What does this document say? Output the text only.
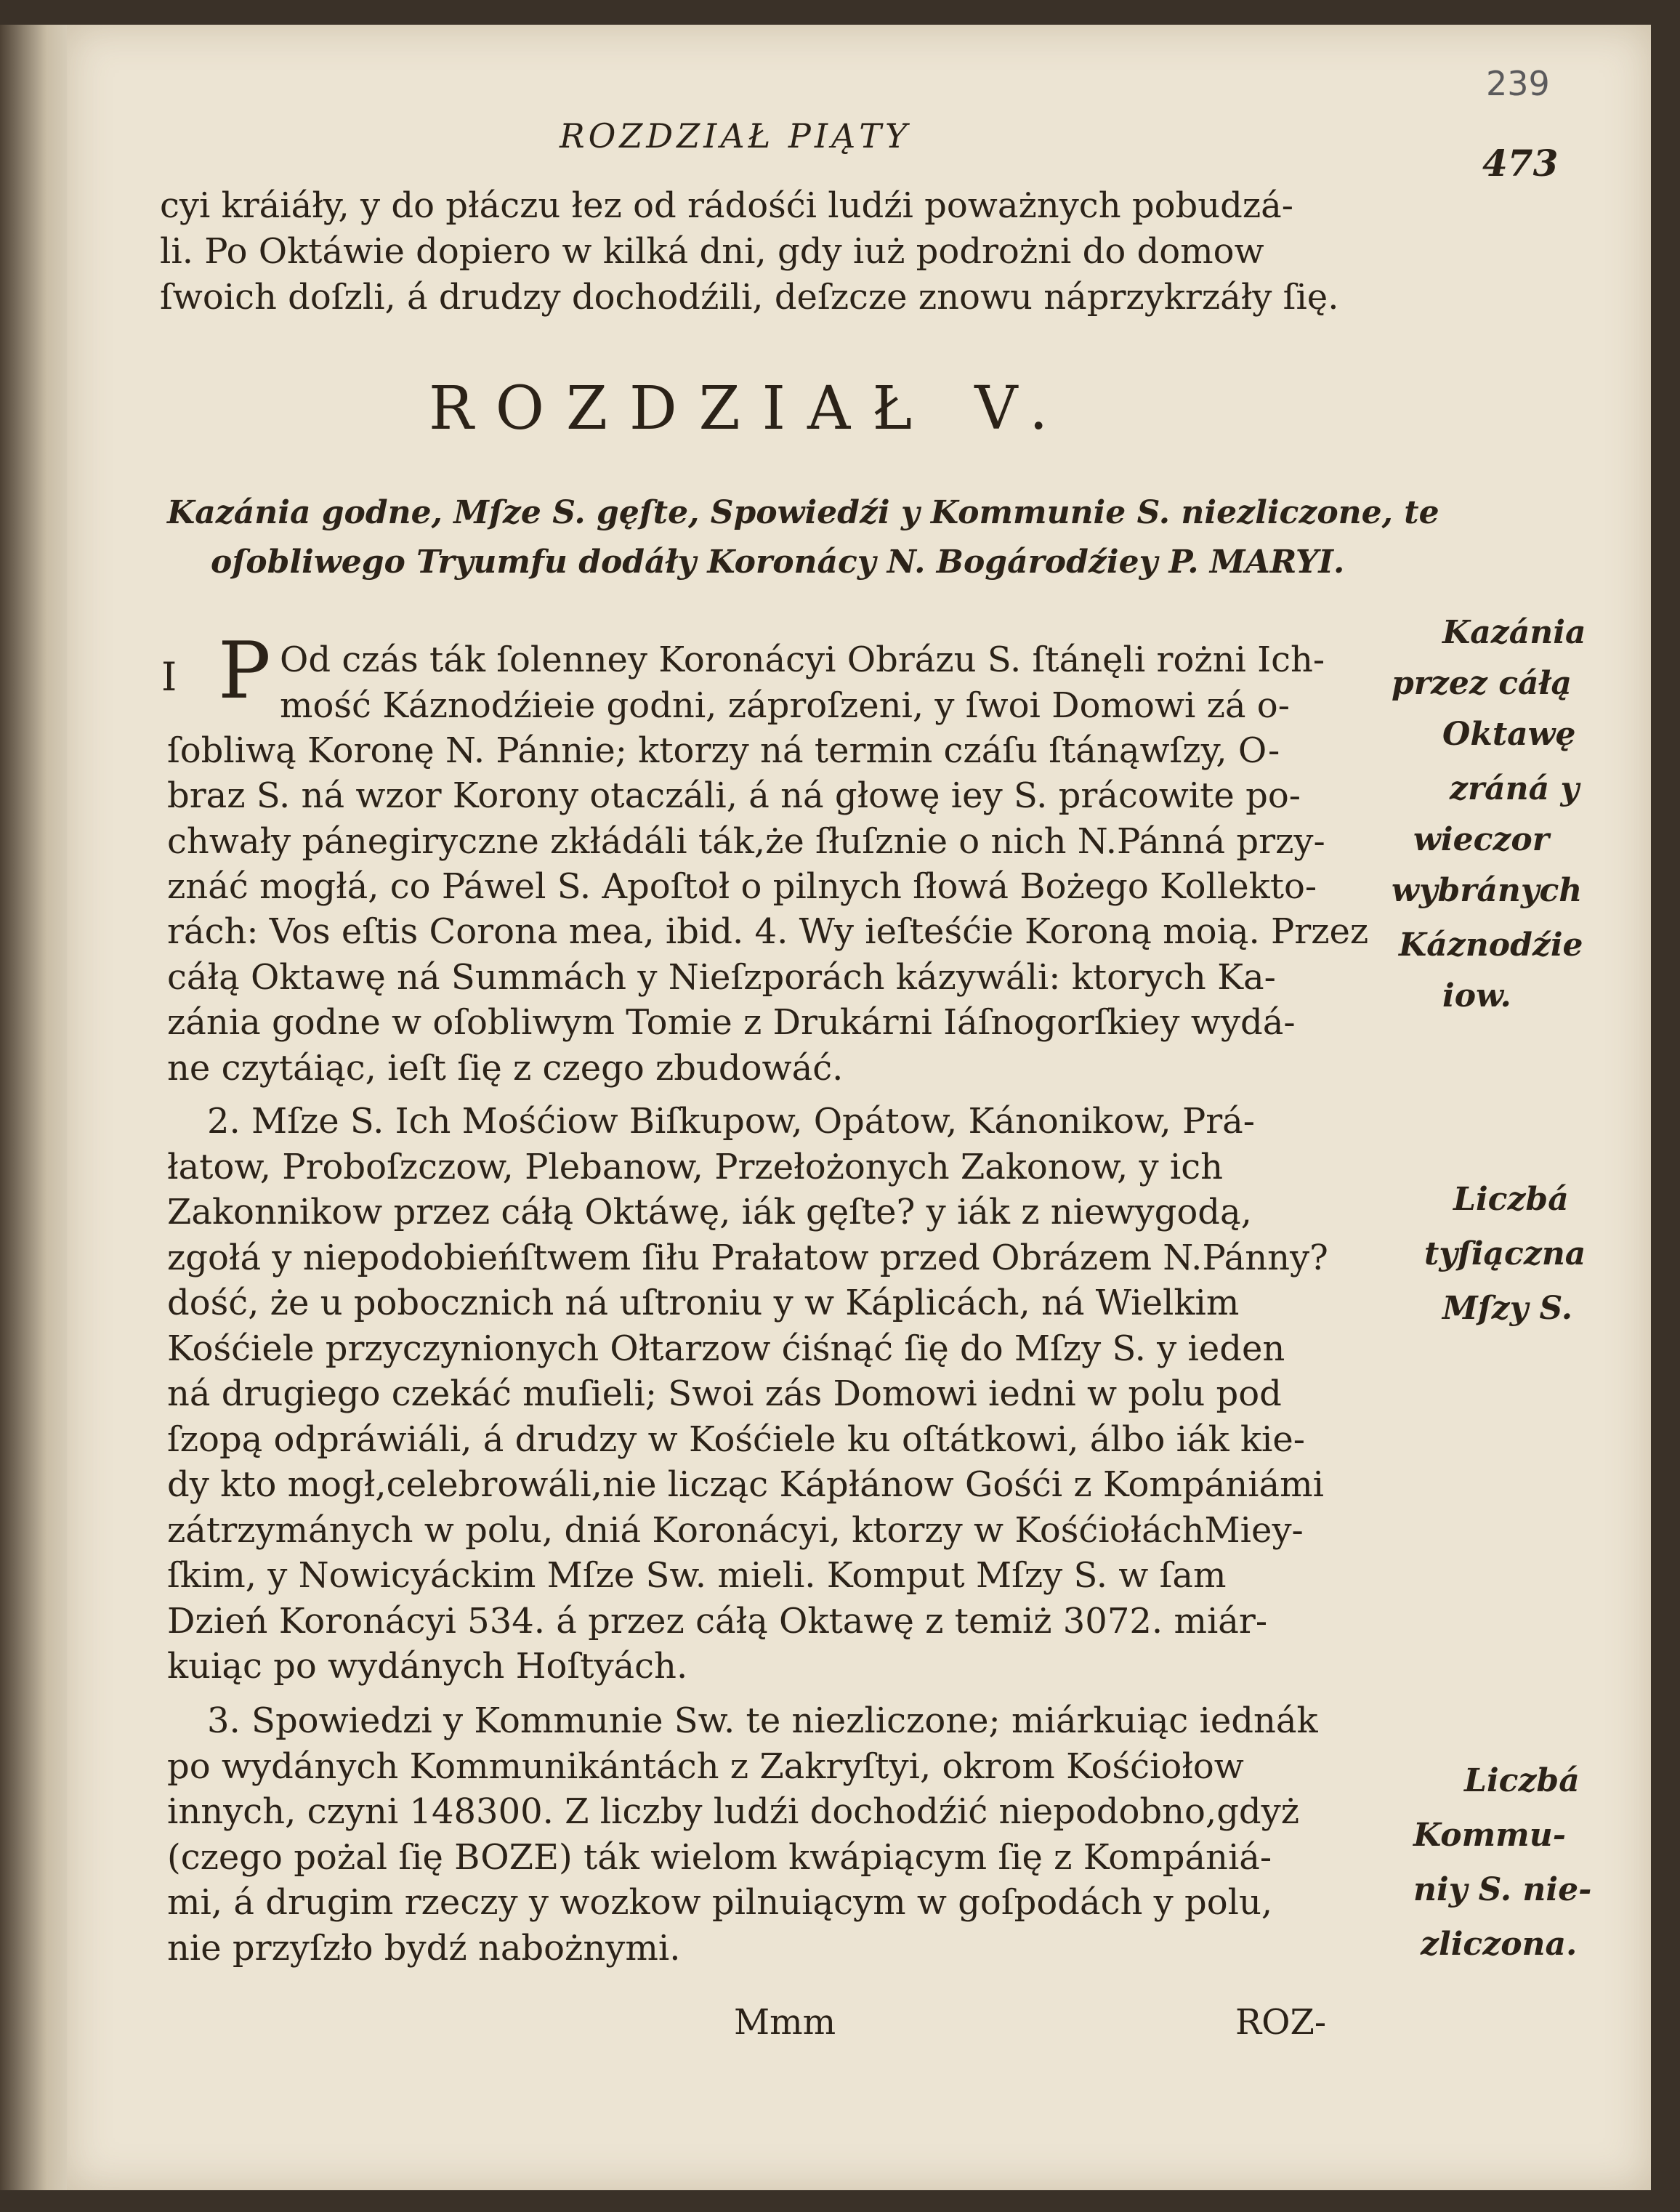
239
ROZDZIAŁ PIĄTY
473
cyi kráiáły, y do płáczu łez od rádośći ludźi poważnych pobudzá-
li. Po Oktáwie dopiero w kilká dni, gdy iuż podrożni do domow
ſwoich doſzli, á drudzy dochodźili, deſzcze znowu náprzykrzáły ſię.
ROZDZIAŁ V.
Kazánia godne, Mſze S. gęſte, Spowiedźi y Kommunie S. niezliczone, te
oſobliwego Tryumfu dodáły Koronácy N. Bogárodźiey P. MARYI.
I P Od czás ták ſolenney Koronácyi Obrázu S. ſtánęli rożni Ich-
mość Káznodźieie godni, záproſzeni, y ſwoi Domowi zá o-
ſobliwą Koronę N. Pánnie; ktorzy ná termin czáſu ſtánąwſzy, O-
braz S. ná wzor Korony otaczáli, á ná głowę iey S. prácowite po-
chwały pánegiryczne zkłádáli ták,że ſłuſznie o nich N.Pánná przy-
znáć mogłá, co Páwel S. Apoſtoł o pilnych ſłowá Bożego Kollekto-
rách: Vos eſtis Corona mea, ibid. 4. Wy ieſteśćie Koroną moią. Przez
cáłą Oktawę ná Summách y Nieſzporách kázywáli: ktorych Ka-
zánia godne w oſobliwym Tomie z Drukárni Iáſnogorſkiey wydá-
ne czytáiąc, ieſt ſię z czego zbudowáć.
2. Mſze S. Ich Mośćiow Biſkupow, Opátow, Kánonikow, Prá-
łatow, Proboſzczow, Plebanow, Przełożonych Zakonow, y ich
Zakonnikow przez cáłą Oktáwę, iák gęſte? y iák z niewygodą,
zgołá y niepodobieńſtwem ſiłu Prałatow przed Obrázem N.Pánny?
dość, że u pobocznich ná uſtroniu y w Káplicách, ná Wielkim
Kośćiele przyczynionych Ołtarzow ćiśnąć ſię do Mſzy S. y ieden
ná drugiego czekáć muſieli; Swoi zás Domowi iedni w polu pod
ſzopą odpráwiáli, á drudzy w Kośćiele ku oſtátkowi, álbo iák kie-
dy kto mogł,celebrowáli,nie licząc Kápłánow Gośći z Kompániámi
zátrzymánych w polu, dniá Koronácyi, ktorzy w KośćiołáchMiey-
ſkim, y Nowicyáckim Mſze Sw. mieli. Komput Mſzy S. w ſam
Dzień Koronácyi 534. á przez cáłą Oktawę z temiż 3072. miár-
kuiąc po wydánych Hoſtyách.
3. Spowiedzi y Kommunie Sw. te niezliczone; miárkuiąc iednák
po wydánych Kommunikántách z Zakryſtyi, okrom Kośćiołow
innych, czyni 148300. Z liczby ludźi dochodźić niepodobno,gdyż
(czego pożal ſię BOZE) ták wielom kwápiącym ſię z Kompániá-
mi, á drugim rzeczy y wozkow pilnuiącym w goſpodách y polu,
nie przyſzło bydź nabożnymi.
Kazánia
przez cáłą
Oktawę
zráná y
wieczor
wybránych
Káznodźie
iow.
Liczbá
tyſiączna
Mſzy S.
Liczbá
Kommu-
niy S. nie-
zliczona.
Mmm	ROZ-
